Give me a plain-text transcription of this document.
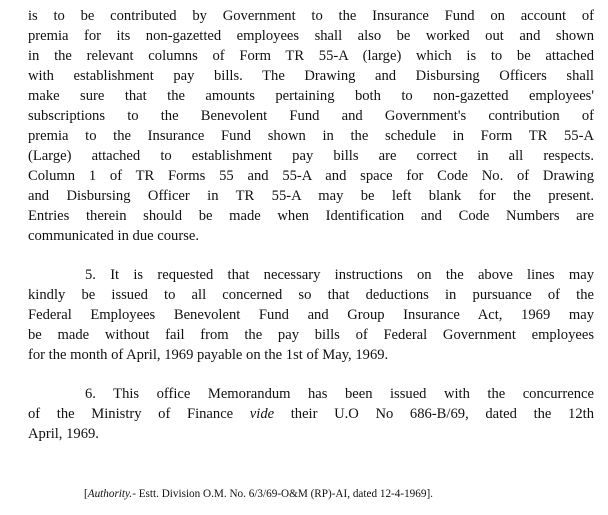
is to be contributed by Government to the Insurance Fund on account of
premia for its non-gazetted employees shall also be worked out and shown
in the relevant columns of Form TR 55-A (large) which is to be attached
with establishment pay bills. The Drawing and Disbursing Officers shall
make sure that the amounts pertaining both to non-gazetted employees'
subscriptions to the Benevolent Fund and Government's contribution of
premia to the Insurance Fund shown in the schedule in Form TR 55-A
(Large) attached to establishment pay bills are correct in all respects.
Column 1 of TR Forms 55 and 55-A and space for Code No. of Drawing
and Disbursing Officer in TR 55-A may be left blank for the present.
Entries therein should be made when Identification and Code Numbers are
communicated in due course.
5. It is requested that necessary instructions on the above lines may
kindly be issued to all concerned so that deductions in pursuance of the
Federal Employees Benevolent Fund and Group Insurance Act, 1969 may
be made without fail from the pay bills of Federal Government employees
for the month of April, 1969 payable on the 1st of May, 1969.
6. This office Memorandum has been issued with the concurrence
of the Ministry of Finance vide their U.O No 686-B/69, dated the 12th
April, 1969.
[Authority.- Estt. Division O.M. No. 6/3/69-O&M (RP)-AI, dated 12-4-1969].
